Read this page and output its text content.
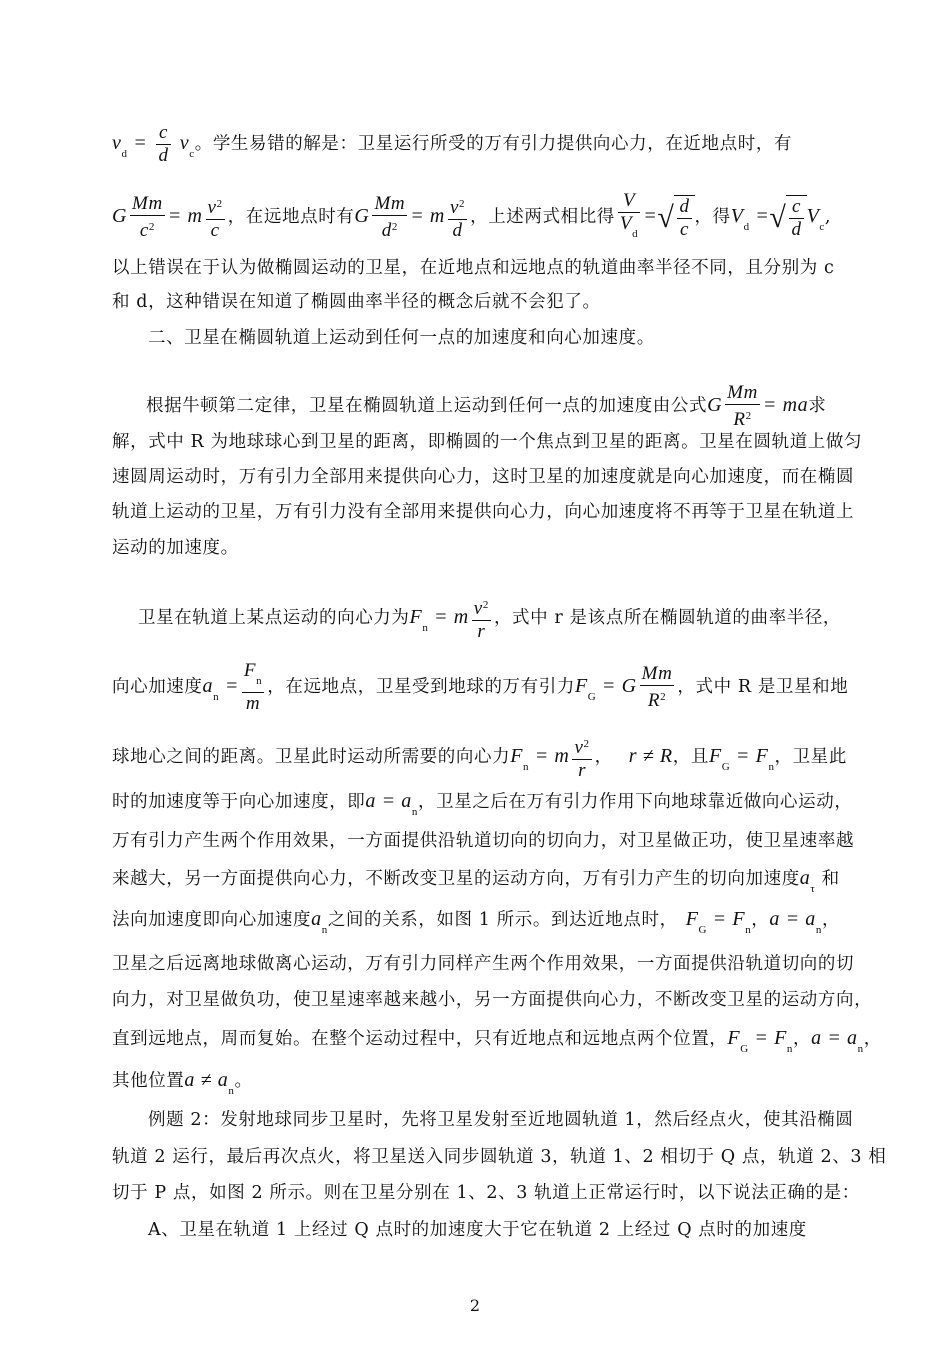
$v_d = \frac{c}{d} v_c$。学生易错的解是：卫星运行所受的万有引力提供向心力，在近地点时，有
G $\frac{Mm}{c^2} = m \frac{v^2}{c}$ ，在远地点时有G $\frac{Mm}{d^2} = m \frac{v^2}{d}$ ，上述两式相比得 $\frac{V}{V_d}$ =√ $\frac{d}{c}$ ，得$V_d$ =√ $\frac{c}{d} V_c$,
以上错误在于认为做椭圆运动的卫星，在近地点和远地点的轨道曲率半径不同，且分别为 c
和 d，这种错误在知道了椭圆曲率半径的概念后就不会犯了。
二、卫星在椭圆轨道上运动到任何一点的加速度和向心加速度。
根据牛顿第二定律，卫星在椭圆轨道上运动到任何一点的加速度由公式G $\frac{Mm}{R^2}$ = ma求
解，式中 R 为地球球心到卫星的距离，即椭圆的一个焦点到卫星的距离。卫星在圆轨道上做匀
速圆周运动时，万有引力全部用来提供向心力，这时卫星的加速度就是向心加速度，而在椭圆
轨道上运动的卫星，万有引力没有全部用来提供向心力，向心加速度将不再等于卫星在轨道上
运动的加速度。
卫星在轨道上某点运动的向心力为$F_n = m \frac{v^2}{r}$ ，式中 r 是该点所在椭圆轨道的曲率半径，
向心加速度$a_n = \frac{F_n}{m}$ ，在远地点，卫星受到地球的万有引力$F_G = G \frac{Mm}{R^2}$ ，式中 R 是卫星和地
球地心之间的距离。卫星此时运动所需要的向心力$F_n = m \frac{v^2}{r}$ ， r ≠ R，且$F_G = F_n$，卫星此
时的加速度等于向心加速度，即$a = a_n$，卫星之后在万有引力作用下向地球靠近做向心运动，
万有引力产生两个作用效果，一方面提供沿轨道切向的切向力，对卫星做正功，使卫星速率越
来越大，另一方面提供向心力，不断改变卫星的运动方向，万有引力产生的切向加速度$a_\tau$ 和
法向加速度即向心加速度$a_n$之间的关系，如图 1 所示。到达近地点时， $F_G = F_n$，$a = a_n$，
卫星之后远离地球做离心运动，万有引力同样产生两个作用效果，一方面提供沿轨道切向的切
向力，对卫星做负功，使卫星速率越来越小，另一方面提供向心力，不断改变卫星的运动方向，
直到远地点，周而复始。在整个运动过程中，只有近地点和远地点两个位置，$F_G = F_n$，$a = a_n$，
其他位置$a \ne a_n$。
例题 2：发射地球同步卫星时，先将卫星发射至近地圆轨道 1，然后经点火，使其沿椭圆
轨道 2 运行，最后再次点火，将卫星送入同步圆轨道 3，轨道 1、2 相切于 Q 点，轨道 2、3 相
切于 P 点，如图 2 所示。则在卫星分别在 1、2、3 轨道上正常运行时，以下说法正确的是：
A、卫星在轨道 1 上经过 Q 点时的加速度大于它在轨道 2 上经过 Q 点时的加速度
2
